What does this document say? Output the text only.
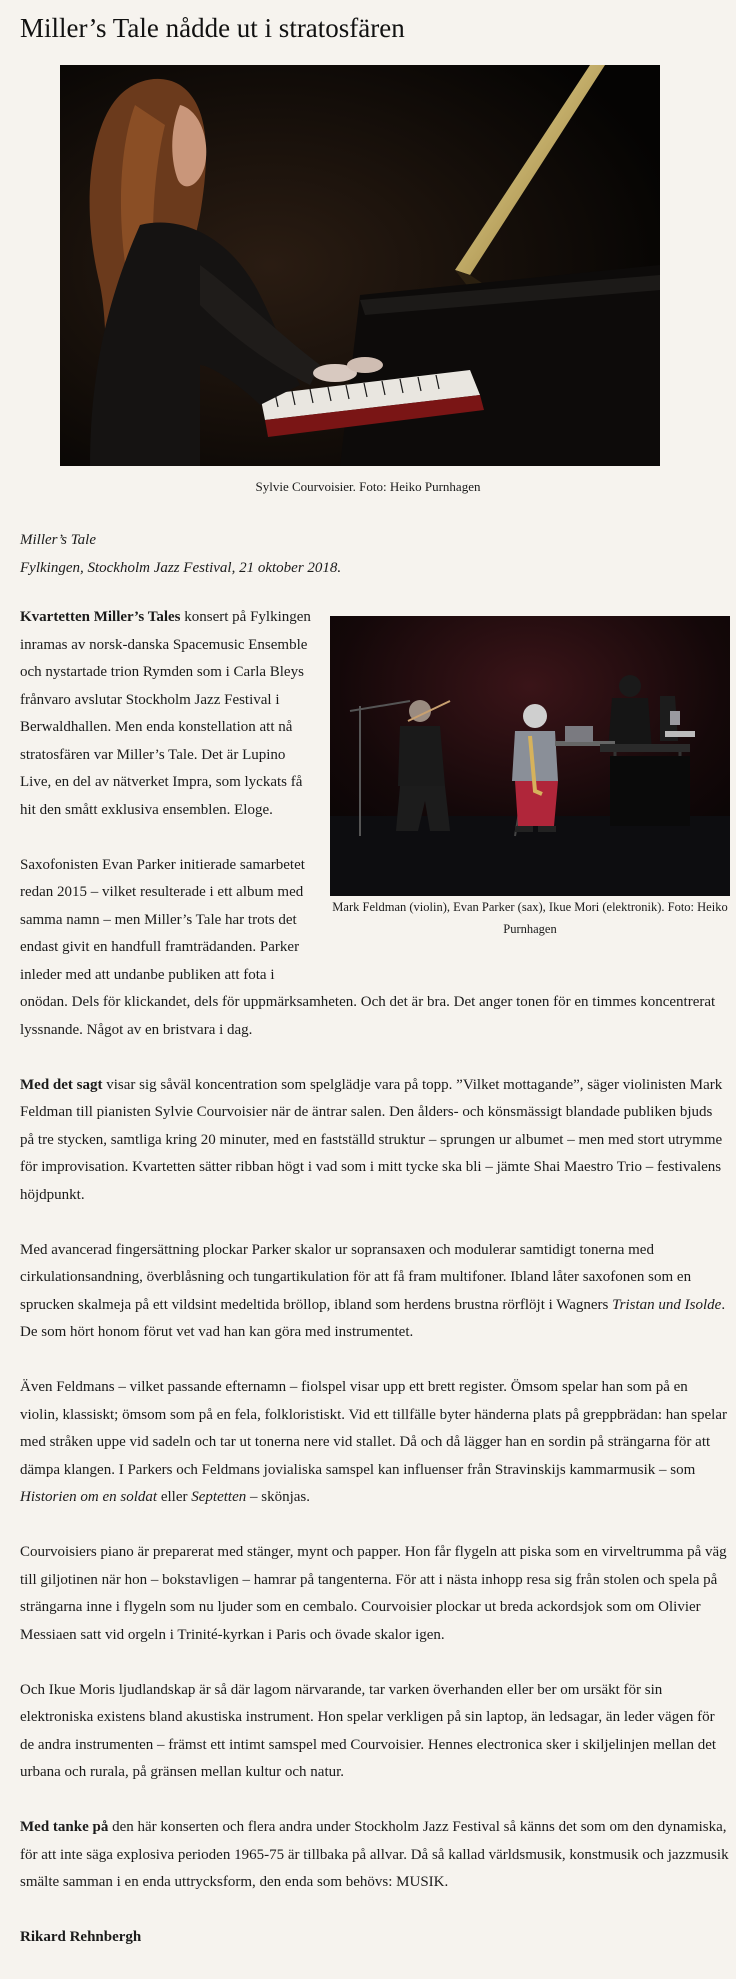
Miller’s Tale nådde ut i stratosfären

Sylvie Courvoisier. Foto: Heiko Purnhagen

Miller’s Tale
Fylkingen, Stockholm Jazz Festival, 21 oktober 2018.

Mark Feldman (violin), Evan Parker (sax), Ikue Mori (elektronik). Foto: Heiko Purnhagen

Kvartetten Miller’s Tales konsert på Fylkingen inramas av norsk-danska Spacemusic Ensemble och nystartade trion Rymden som i Carla Bleys frånvaro avslutar Stockholm Jazz Festival i Berwaldhallen. Men enda konstellation att nå stratosfären var Miller’s Tale. Det är Lupino Live, en del av nätverket Impra, som lyckats få hit den smått exklusiva ensemblen. Eloge.

Saxofonisten Evan Parker initierade samarbetet redan 2015 – vilket resulterade i ett album med samma namn – men Miller’s Tale har trots det endast givit en handfull framträdanden. Parker inleder med att undanbe publiken att fota i onödan. Dels för klickandet, dels för uppmärksamheten. Och det är bra. Det anger tonen för en timmes koncentrerat lyssnande. Något av en bristvara i dag.

Med det sagt visar sig såväl koncentration som spelglädje vara på topp. ”Vilket mottagande”, säger violinisten Mark Feldman till pianisten Sylvie Courvoisier när de äntrar salen. Den ålders- och könsmässigt blandade publiken bjuds på tre stycken, samtliga kring 20 minuter, med en fastställd struktur – sprungen ur albumet – men med stort utrymme för improvisation. Kvartetten sätter ribban högt i vad som i mitt tycke ska bli – jämte Shai Maestro Trio – festivalens höjdpunkt.

Med avancerad fingersättning plockar Parker skalor ur sopransaxen och modulerar samtidigt tonerna med cirkulationsandning, överblåsning och tungartikulation för att få fram multifoner. Ibland låter saxofonen som en sprucken skalmeja på ett vildsint medeltida bröllop, ibland som herdens brustna rörflöjt i Wagners Tristan und Isolde. De som hört honom förut vet vad han kan göra med instrumentet.

Även Feldmans – vilket passande efternamn – fiolspel visar upp ett brett register. Ömsom spelar han som på en violin, klassiskt; ömsom som på en fela, folkloristiskt. Vid ett tillfälle byter händerna plats på greppbrädan: han spelar med stråken uppe vid sadeln och tar ut tonerna nere vid stallet. Då och då lägger han en sordin på strängarna för att dämpa klangen. I Parkers och Feldmans jovialiska samspel kan influenser från Stravinskijs kammarmusik – som Historien om en soldat eller Septetten – skönjas.

Courvoisiers piano är preparerat med stänger, mynt och papper. Hon får flygeln att piska som en virveltrumma på väg till giljotinen när hon – bokstavligen – hamrar på tangenterna. För att i nästa inhopp resa sig från stolen och spela på strängarna inne i flygeln som nu ljuder som en cembalo. Courvoisier plockar ut breda ackordsjok som om Olivier Messiaen satt vid orgeln i Trinité-kyrkan i Paris och övade skalor igen.

Och Ikue Moris ljudlandskap är så där lagom närvarande, tar varken överhanden eller ber om ursäkt för sin elektroniska existens bland akustiska instrument. Hon spelar verkligen på sin laptop, än ledsagar, än leder vägen för de andra instrumenten – främst ett intimt samspel med Courvoisier. Hennes electronica sker i skiljelinjen mellan det urbana och rurala, på gränsen mellan kultur och natur.

Med tanke på den här konserten och flera andra under Stockholm Jazz Festival så känns det som om den dynamiska, för att inte säga explosiva perioden 1965-75 är tillbaka på allvar. Då så kallad världsmusik, konstmusik och jazzmusik smälte samman i en enda uttrycksform, den enda som behövs: MUSIK.

Rikard Rehnbergh
